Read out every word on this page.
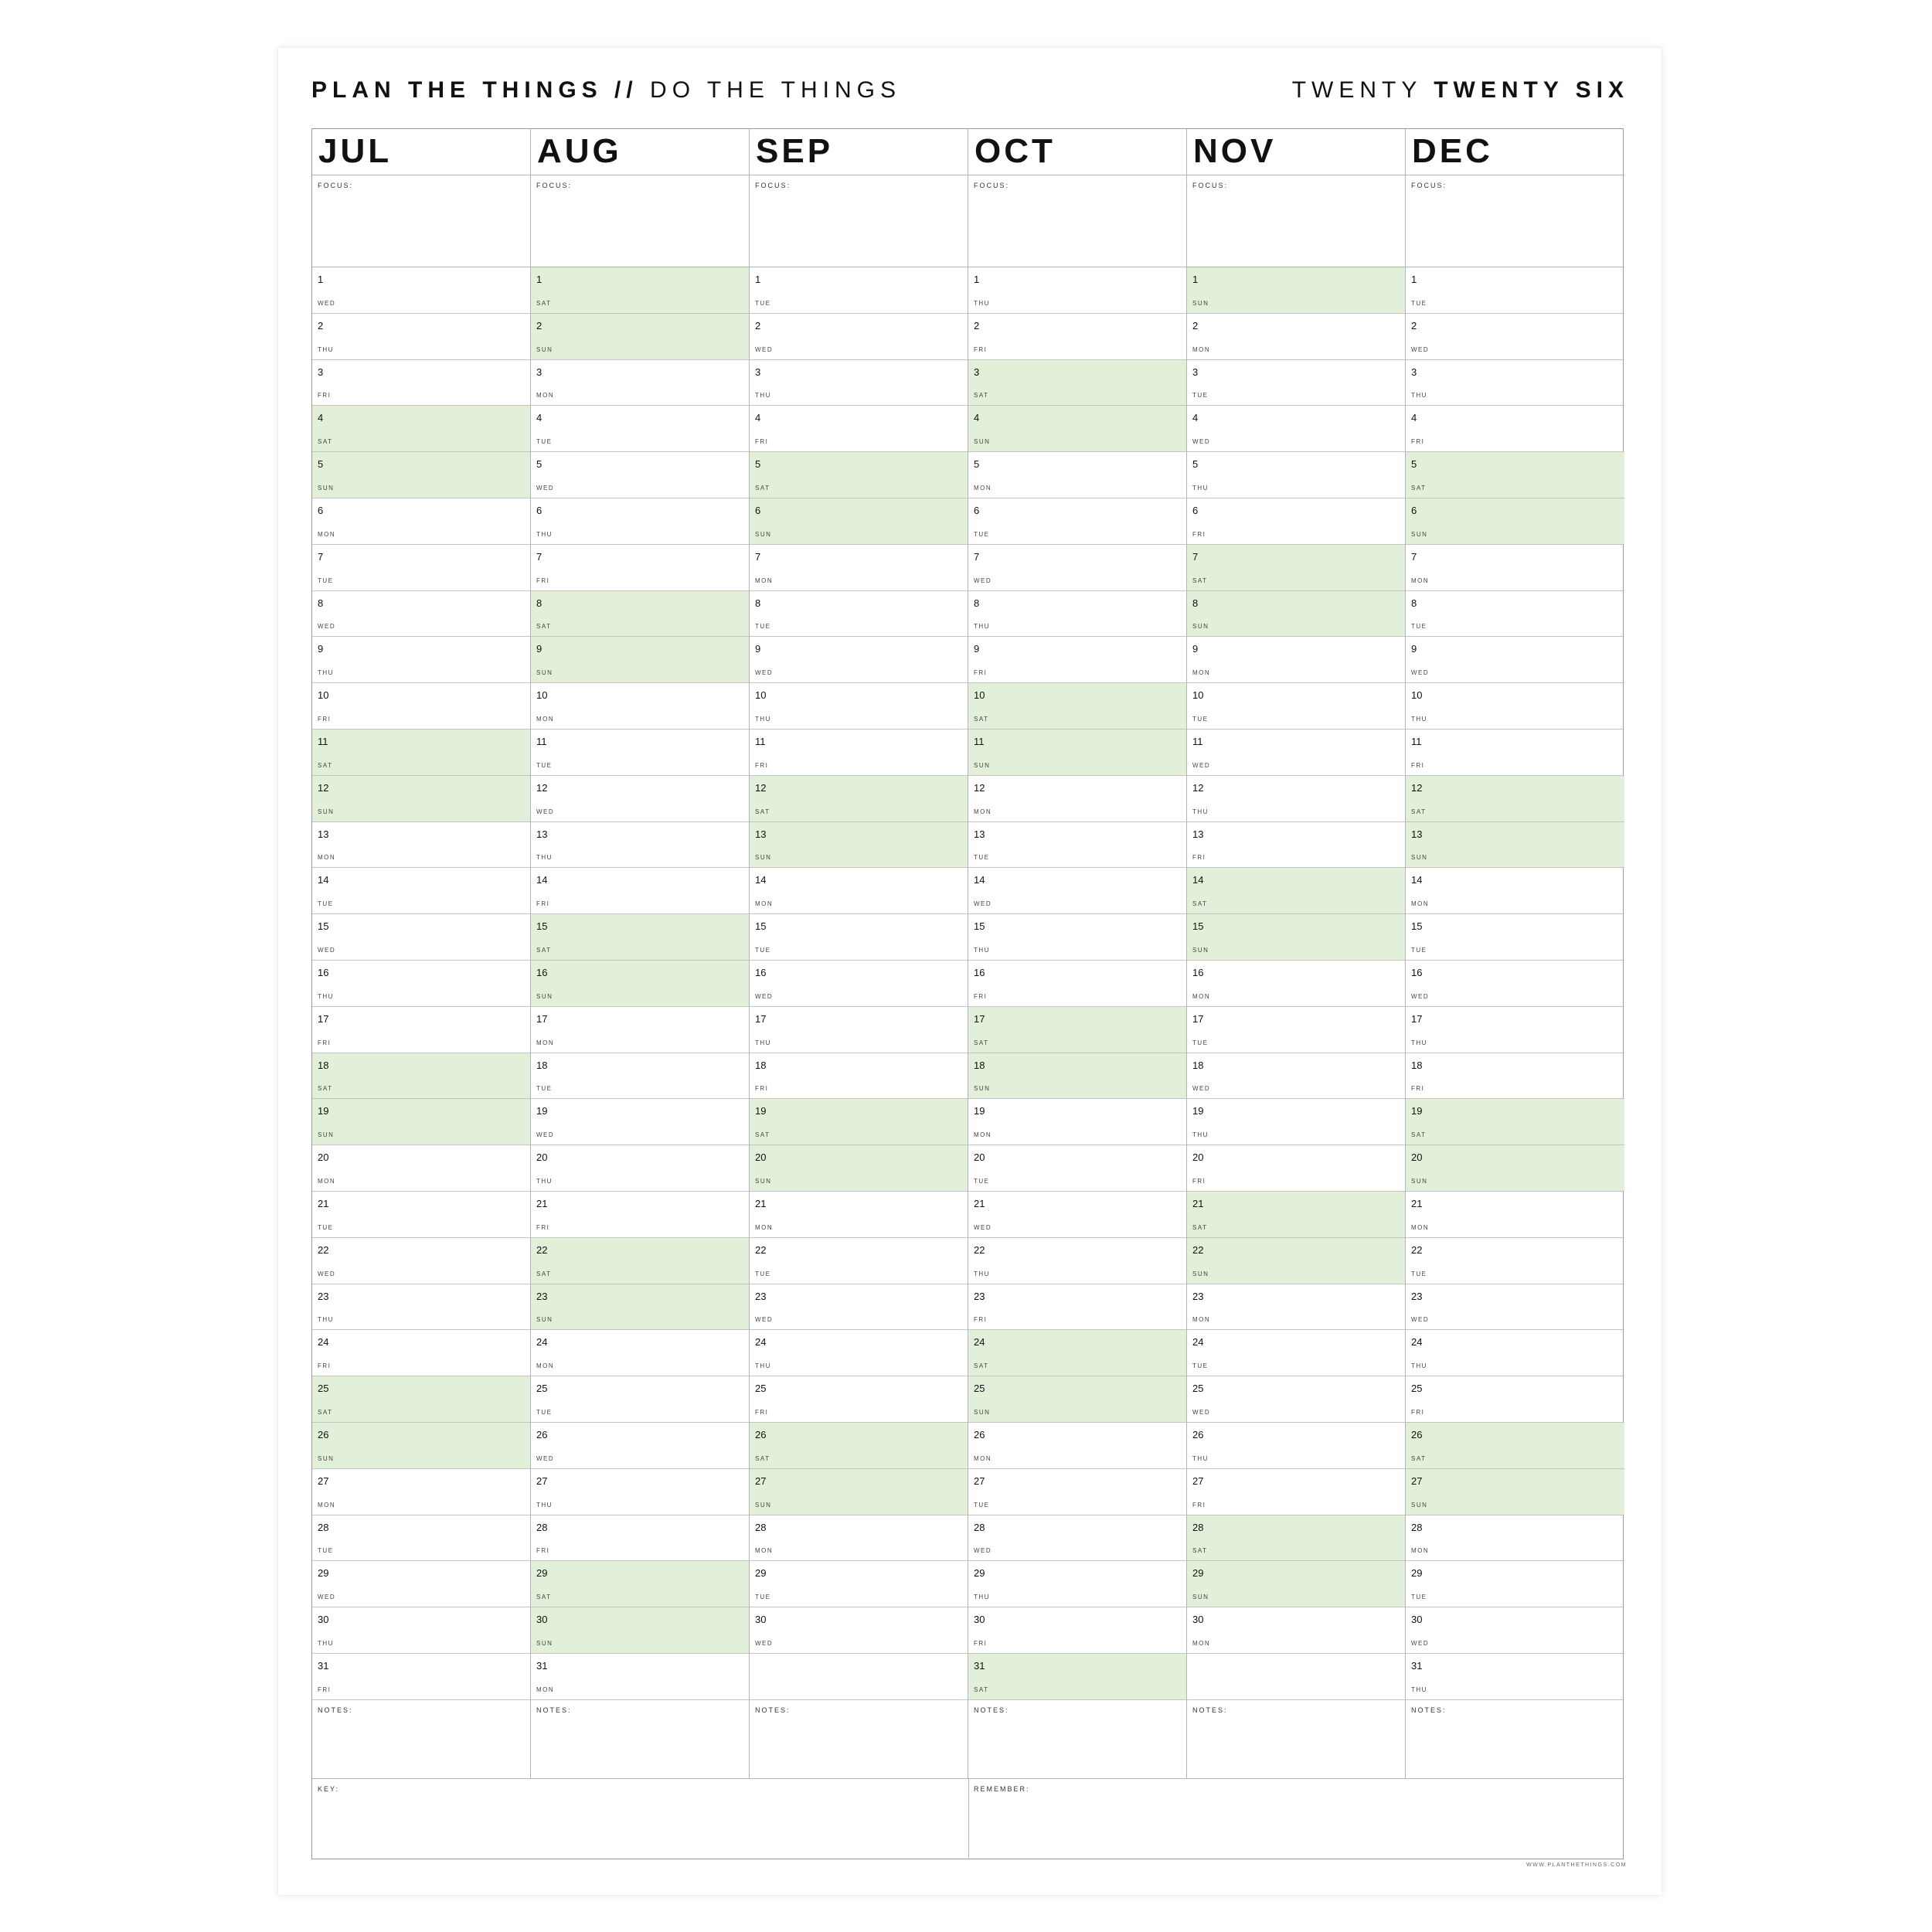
PLAN THE THINGS // DO THE THINGS	TWENTY TWENTY SIX
KEY:	REMEMBER:
JUL
FOCUS:
1
WED
2
THU
3
FRI
4
SAT
5
SUN
6
MON
7
TUE
8
WED
9
THU
10
FRI
11
SAT
12
SUN
13
MON
14
TUE
15
WED
16
THU
17
FRI
18
SAT
19
SUN
20
MON
21
TUE
22
WED
23
THU
24
FRI
25
SAT
26
SUN
27
MON
28
TUE
29
WED
30
THU
31
FRI
NOTES:
AUG
FOCUS:
1
SAT
2
SUN
3
MON
4
TUE
5
WED
6
THU
7
FRI
8
SAT
9
SUN
10
MON
11
TUE
12
WED
13
THU
14
FRI
15
SAT
16
SUN
17
MON
18
TUE
19
WED
20
THU
21
FRI
22
SAT
23
SUN
24
MON
25
TUE
26
WED
27
THU
28
FRI
29
SAT
30
SUN
31
MON
NOTES:
SEP
FOCUS:
1
TUE
2
WED
3
THU
4
FRI
5
SAT
6
SUN
7
MON
8
TUE
9
WED
10
THU
11
FRI
12
SAT
13
SUN
14
MON
15
TUE
16
WED
17
THU
18
FRI
19
SAT
20
SUN
21
MON
22
TUE
23
WED
24
THU
25
FRI
26
SAT
27
SUN
28
MON
29
TUE
30
WED
NOTES:
OCT
FOCUS:
1
THU
2
FRI
3
SAT
4
SUN
5
MON
6
TUE
7
WED
8
THU
9
FRI
10
SAT
11
SUN
12
MON
13
TUE
14
WED
15
THU
16
FRI
17
SAT
18
SUN
19
MON
20
TUE
21
WED
22
THU
23
FRI
24
SAT
25
SUN
26
MON
27
TUE
28
WED
29
THU
30
FRI
31
SAT
NOTES:
NOV
FOCUS:
1
SUN
2
MON
3
TUE
4
WED
5
THU
6
FRI
7
SAT
8
SUN
9
MON
10
TUE
11
WED
12
THU
13
FRI
14
SAT
15
SUN
16
MON
17
TUE
18
WED
19
THU
20
FRI
21
SAT
22
SUN
23
MON
24
TUE
25
WED
26
THU
27
FRI
28
SAT
29
SUN
30
MON
NOTES:
DEC
FOCUS:
1
TUE
2
WED
3
THU
4
FRI
5
SAT
6
SUN
7
MON
8
TUE
9
WED
10
THU
11
FRI
12
SAT
13
SUN
14
MON
15
TUE
16
WED
17
THU
18
FRI
19
SAT
20
SUN
21
MON
22
TUE
23
WED
24
THU
25
FRI
26
SAT
27
SUN
28
MON
29
TUE
30
WED
31
THU
NOTES:
WWW.PLANTHETHINGS.COM
